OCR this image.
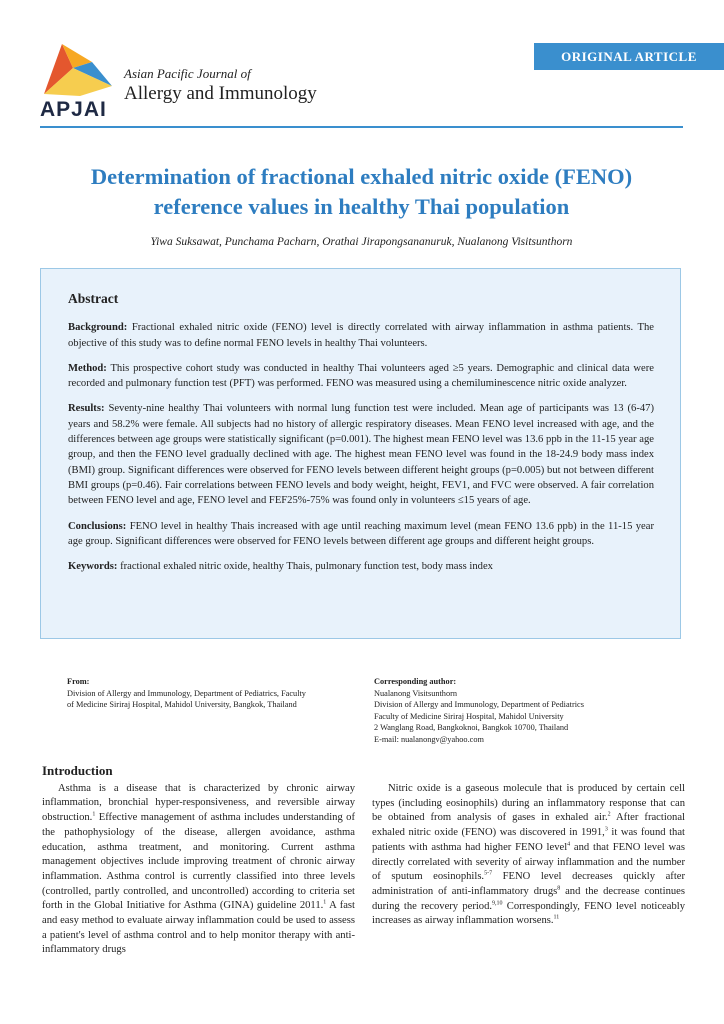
ORIGINAL ARTICLE
APJAI
Asian Pacific Journal of
Allergy and Immunology
Determination of fractional exhaled nitric oxide (FENO)
reference values in healthy Thai population
Yiwa Suksawat, Punchama Pacharn, Orathai Jirapongsananuruk, Nualanong Visitsunthorn
Abstract

Background: Fractional exhaled nitric oxide (FENO) level is directly correlated with airway inflammation in asthma patients. The objective of this study was to define normal FENO levels in healthy Thai volunteers.

Method: This prospective cohort study was conducted in healthy Thai volunteers aged ≥5 years. Demographic and clinical data were recorded and pulmonary function test (PFT) was performed. FENO was measured using a chemiluminescence nitric oxide analyzer.

Results: Seventy-nine healthy Thai volunteers with normal lung function test were included. Mean age of participants was 13 (6-47) years and 58.2% were female. All subjects had no history of allergic respiratory diseases. Mean FENO level increased with age, and the differences between age groups were statistically significant (p=0.001). The highest mean FENO level was 13.6 ppb in the 11-15 year age group, and then the FENO level gradually declined with age. The highest mean FENO level was found in the 18-24.9 body mass index (BMI) group. Significant differences were observed for FENO levels between different height groups (p=0.005) but not between different BMI groups (p=0.46). Fair correlations between FENO levels and body weight, height, FEV1, and FVC were observed. A fair correlation between FENO level and age, FENO level and FEF25%-75% was found only in volunteers ≤15 years of age.

Conclusions: FENO level in healthy Thais increased with age until reaching maximum level (mean FENO 13.6 ppb) in the 11-15 year age group. Significant differences were observed for FENO levels between different age groups and different height groups.

Keywords: fractional exhaled nitric oxide, healthy Thais, pulmonary function test, body mass index

From:
Division of Allergy and Immunology, Department of Pediatrics, Faculty
of Medicine Siriraj Hospital, Mahidol University, Bangkok, Thailand
Corresponding author:
Nualanong Visitsunthorn
Division of Allergy and Immunology, Department of Pediatrics
Faculty of Medicine Siriraj Hospital, Mahidol University
2 Wanglang Road, Bangkoknoi, Bangkok 10700, Thailand
E-mail: nualanongv@yahoo.com
Introduction

Asthma is a disease that is characterized by chronic airway inflammation, bronchial hyper-responsiveness, and reversible airway obstruction.$^1$ Effective management of asthma includes understanding of the pathophysiology of the disease, allergen avoidance, asthma education, asthma treatment, and monitoring. Current asthma management objectives include improving treatment of chronic airway inflammation. Asthma control is currently classified into three levels (controlled, partly controlled, and uncontrolled) according to criteria set forth in the Global Initiative for Asthma (GINA) guideline 2011.$^1$ A fast and easy method to evaluate airway inflammation could be used to assess a patient's level of asthma control and to help monitor therapy with anti-inflammatory drugs

Nitric oxide is a gaseous molecule that is produced by certain cell types (including eosinophils) during an inflammatory response that can be obtained from analysis of gases in exhaled air.$^2$ After fractional exhaled nitric oxide (FENO) was discovered in 1991,$^3$ it was found that patients with asthma had higher FENO level$^4$ and that FENO level was directly correlated with severity of airway inflammation and the number of sputum eosinophils.$^{5-7}$ FENO level decreases quickly after administration of anti-inflammatory drugs$^8$ and the decrease continues during the recovery period.$^{9,10}$ Correspondingly, FENO level noticeably increases as airway inflammation worsens.$^{11}$
